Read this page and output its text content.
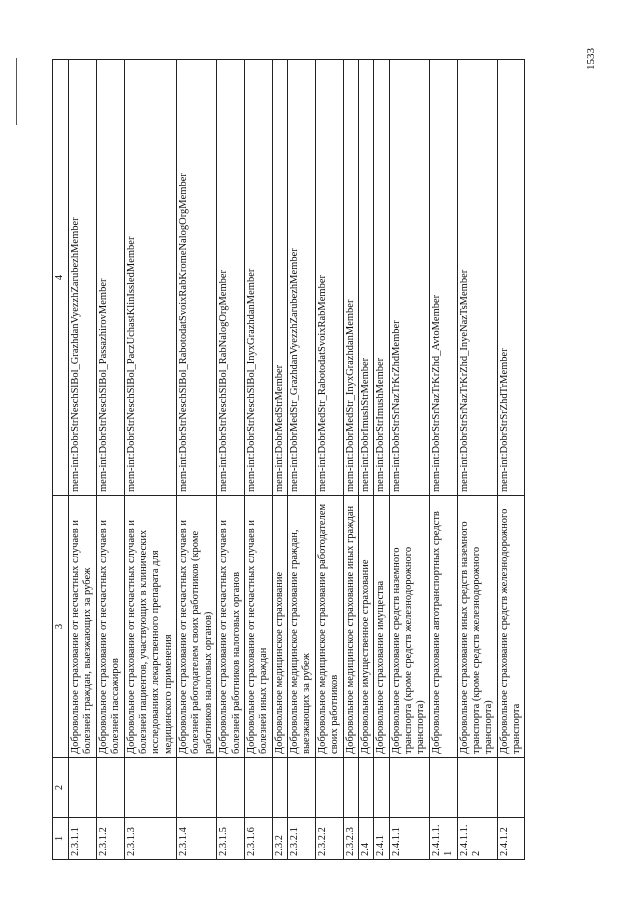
1533
1	2	3	4
2.3.1.1		Добровольное страхование от несчастных случаев и болезней граждан, выезжающих за рубеж	mem-int:DobrStrNeschSlBol_GrazhdanVyezzhZarubezhMember
2.3.1.2		Добровольное страхование от несчастных случаев и болезней пассажиров	mem-int:DobrStrNeschSlBol_PassazhirovMember
2.3.1.3		Добровольное страхование от несчастных случаев и болезней пациентов, участвующих в клинических исследованиях лекарственного препарата для медицинского применения	mem-int:DobrStrNeschSlBol_PaczUchastKlinIssledMember
2.3.1.4		Добровольное страхование от несчастных случаев и болезней работодателем своих работников (кроме работников налоговых органов)	mem-int:DobrStrNeschSlBol_RabotodatSvoixRabKromeNalogOrgMember
2.3.1.5		Добровольное страхование от несчастных случаев и болезней работников налоговых органов	mem-int:DobrStrNeschSlBol_RabNalogOrgMember
2.3.1.6		Добровольное страхование от несчастных случаев и болезней иных граждан	mem-int:DobrStrNeschSlBol_InyxGrazhdanMember
2.3.2		Добровольное медицинское страхование	mem-int:DobrMedStrMember
2.3.2.1		Добровольное медицинское страхование граждан, выезжающих за рубеж	mem-int:DobrMedStr_GrazhdanVyezzhZarubezhMember
2.3.2.2		Добровольное медицинское страхование работодателем своих работников	mem-int:DobrMedStr_RabotodatSvoixRabMember
2.3.2.3		Добровольное медицинское страхование иных граждан	mem-int:DobrMedStr_InyxGrazhdanMember
2.4		Добровольное имущественное страхование	mem-int:DobrImushStrMember
2.4.1		Добровольное страхование имущества	mem-int:DobrStrImushMember
2.4.1.1		Добровольное страхование средств наземного транспорта (кроме средств железнодорожного транспорта)	mem-int:DobrStrSrNazTrKrZhdMember
2.4.1.1.1		Добровольное страхование автотранспортных средств	mem-int:DobrStrSrNazTrKrZhd_AvtoMember
2.4.1.1.2		Добровольное страхование иных средств наземного транспорта (кроме средств железнодорожного транспорта)	mem-int:DobrStrSrNazTrKrZhd_InyeNazTsMember
2.4.1.2		Добровольное страхование средств железнодорожного транспорта	mem-int:DobrStrSrZhdTrMember
